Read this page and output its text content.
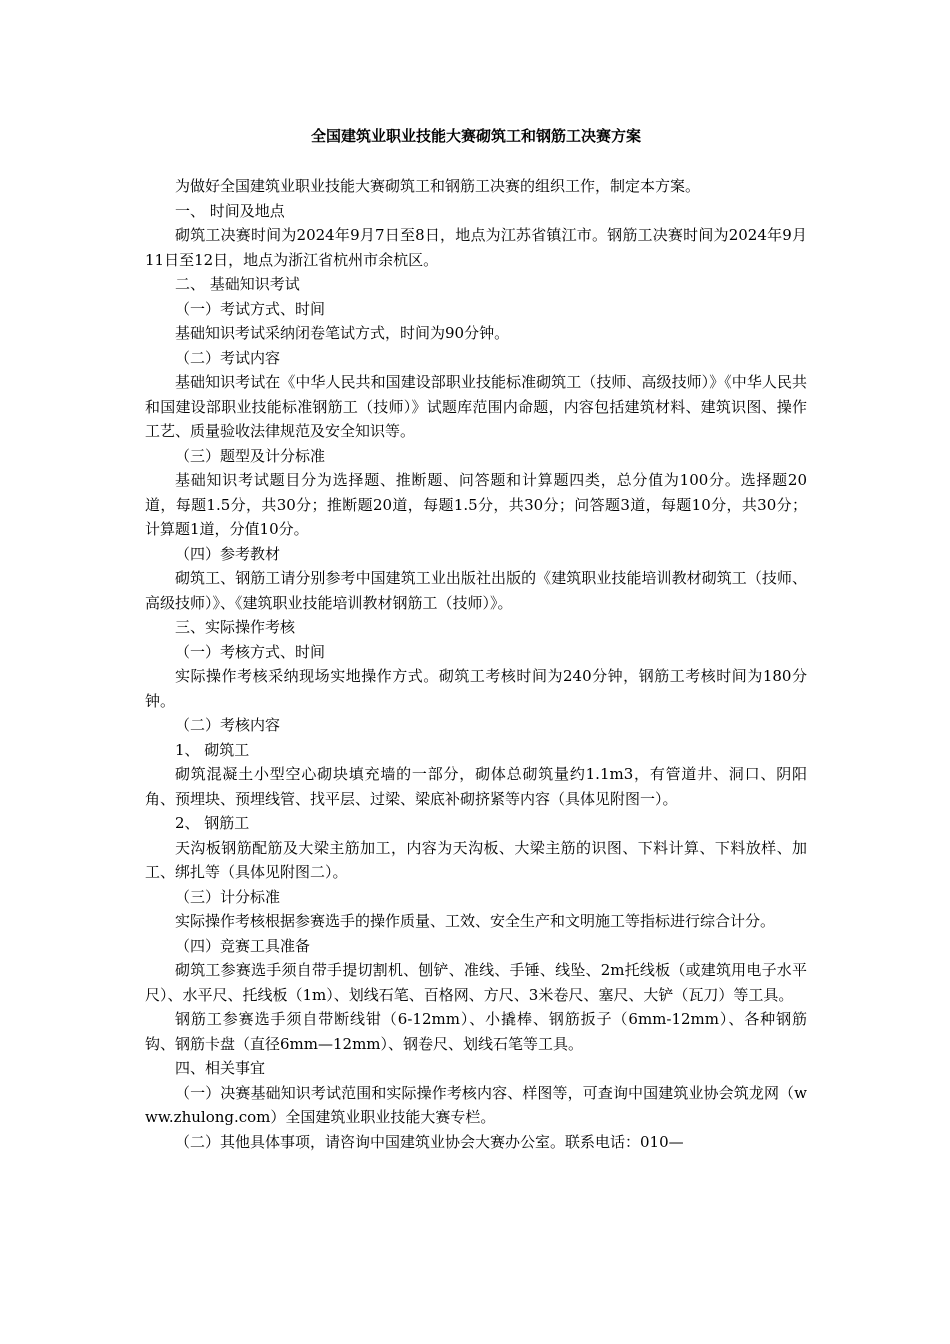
全国建筑业职业技能大赛砌筑工和钢筋工决赛方案

为做好全国建筑业职业技能大赛砌筑工和钢筋工决赛的组织工作，制定本方案。

一、 时间及地点

砌筑工决赛时间为2024年9月7日至8日，地点为江苏省镇江市。钢筋工决赛时间为2024年9月11日至12日，地点为浙江省杭州市余杭区。

二、 基础知识考试

（一）考试方式、时间

基础知识考试采纳闭卷笔试方式，时间为90分钟。

（二）考试内容

基础知识考试在《中华人民共和国建设部职业技能标准砌筑工（技师、高级技师）》《中华人民共和国建设部职业技能标准钢筋工（技师）》试题库范围内命题，内容包括建筑材料、建筑识图、操作工艺、质量验收法律规范及安全知识等。

（三）题型及计分标准

基础知识考试题目分为选择题、推断题、问答题和计算题四类，总分值为100分。选择题20道，每题1.5分，共30分；推断题20道，每题1.5分，共30分；问答题3道，每题10分，共30分；计算题1道，分值10分。

（四）参考教材

砌筑工、钢筋工请分别参考中国建筑工业出版社出版的《建筑职业技能培训教材砌筑工（技师、高级技师）》、《建筑职业技能培训教材钢筋工（技师）》。

三、实际操作考核

（一）考核方式、时间

实际操作考核采纳现场实地操作方式。砌筑工考核时间为240分钟，钢筋工考核时间为180分钟。

（二）考核内容

1、 砌筑工

砌筑混凝土小型空心砌块填充墙的一部分，砌体总砌筑量约1.1m3，有管道井、洞口、阴阳角、预埋块、预埋线管、找平层、过梁、梁底补砌挤紧等内容（具体见附图一）。

2、 钢筋工

天沟板钢筋配筋及大梁主筋加工，内容为天沟板、大梁主筋的识图、下料计算、下料放样、加工、绑扎等（具体见附图二）。

（三）计分标准

实际操作考核根据参赛选手的操作质量、工效、安全生产和文明施工等指标进行综合计分。

（四）竞赛工具准备

砌筑工参赛选手须自带手提切割机、刨铲、准线、手锤、线坠、2m托线板（或建筑用电子水平尺）、水平尺、托线板（1m）、划线石笔、百格网、方尺、3米卷尺、塞尺、大铲（瓦刀）等工具。

钢筋工参赛选手须自带断线钳（6-12mm）、小撬棒、钢筋扳子（6mm-12mm）、各种钢筋钩、钢筋卡盘（直径6mm—12mm）、钢卷尺、划线石笔等工具。

四、相关事宜

（一）决赛基础知识考试范围和实际操作考核内容、样图等，可查询中国建筑业协会筑龙网（www.zhulong.com）全国建筑业职业技能大赛专栏。

（二）其他具体事项，请咨询中国建筑业协会大赛办公室。联系电话：010—
